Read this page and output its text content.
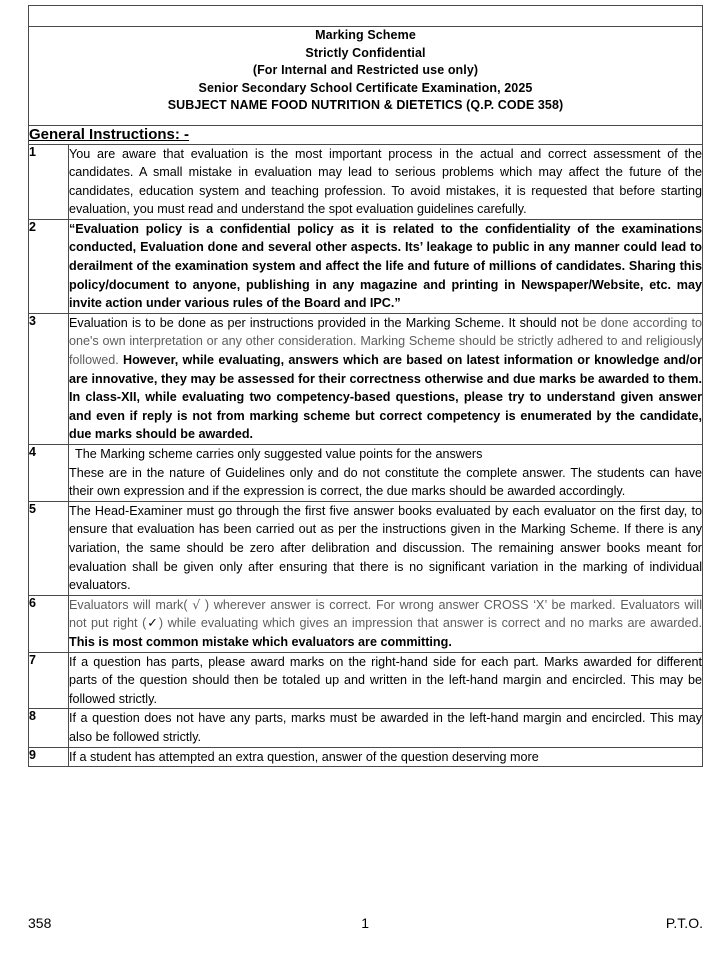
Marking Scheme
Strictly Confidential
(For Internal and Restricted use only)
Senior Secondary School Certificate Examination, 2025
SUBJECT NAME FOOD NUTRITION & DIETETICS (Q.P. CODE 358)	

General Instructions: -	
1	You are aware that evaluation is the most important process in the actual and correct assessment of the candidates. A small mistake in evaluation may lead to serious problems which may affect the future of the candidates, education system and teaching profession. To avoid mistakes, it is requested that before starting evaluation, you must read and understand the spot evaluation guidelines carefully.

2	“Evaluation policy is a confidential policy as it is related to the confidentiality of the examinations conducted, Evaluation done and several other aspects. Its’ leakage to public in any manner could lead to derailment of the examination system and affect the life and future of millions of candidates. Sharing this policy/document to anyone, publishing in any magazine and printing in Newspaper/Website, etc. may invite action under various rules of the Board and IPC.”

3	Evaluation is to be done as per instructions provided in the Marking Scheme. It should not be done according to one's own interpretation or any other consideration. Marking Scheme should be strictly adhered to and religiously followed. However, while evaluating, answers which are based on latest information or knowledge and/or are innovative, they may be assessed for their correctness otherwise and due marks be awarded to them. In class-XII, while evaluating two competency-based questions, please try to understand given answer and even if reply is not from marking scheme but correct competency is enumerated by the candidate, due marks should be awarded.

4	The Marking scheme carries only suggested value points for the answers

These are in the nature of Guidelines only and do not constitute the complete answer. The students can have their own expression and if the expression is correct, the due marks should be awarded accordingly.

5	The Head-Examiner must go through the first five answer books evaluated by each evaluator on the first day, to ensure that evaluation has been carried out as per the instructions given in the Marking Scheme. If there is any variation, the same should be zero after delibration and discussion. The remaining answer books meant for evaluation shall be given only after ensuring that there is no significant variation in the marking of individual evaluators.

6	Evaluators will mark( √ ) wherever answer is correct. For wrong answer CROSS ‘X’ be marked. Evaluators will not put right (✓) while evaluating which gives an impression that answer is correct and no marks are awarded. This is most common mistake which evaluators are committing.

7	If a question has parts, please award marks on the right-hand side for each part. Marks awarded for different parts of the question should then be totaled up and written in the left-hand margin and encircled. This may be followed strictly.

8	If a question does not have any parts, marks must be awarded in the left-hand margin and encircled. This may also be followed strictly.

9	If a student has attempted an extra question, answer of the question deserving more

358	1	P.T.O.
